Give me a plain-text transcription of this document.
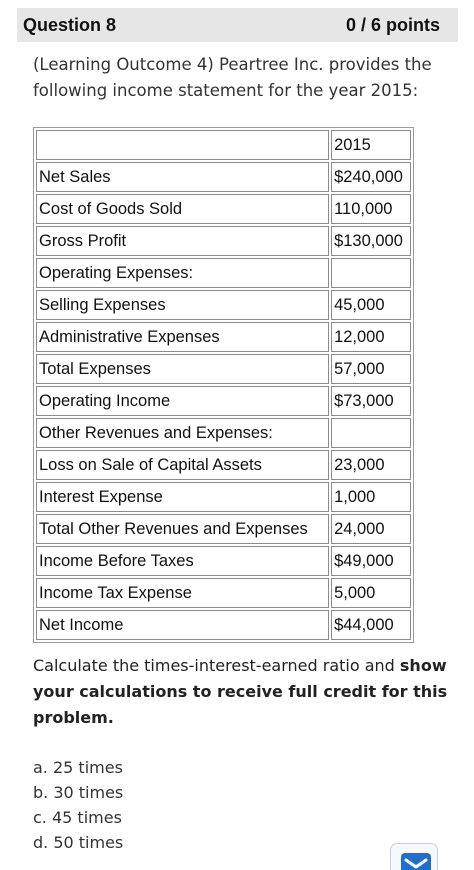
Question 8	0 / 6 points
(Learning Outcome 4) Peartree Inc. provides the following income statement for the year 2015:
	2015
Net Sales	$240,000
Cost of Goods Sold	110,000
Gross Profit	$130,000
Operating Expenses:	
Selling Expenses	45,000
Administrative Expenses	12,000
Total Expenses	57,000
Operating Income	$73,000
Other Revenues and Expenses:	
Loss on Sale of Capital Assets	23,000
Interest Expense	1,000
Total Other Revenues and Expenses	24,000
Income Before Taxes	$49,000
Income Tax Expense	5,000
Net Income	$44,000
Calculate the times-interest-earned ratio and show your calculations to receive full credit for this problem.
a. 25 times
b. 30 times
c. 45 times
d. 50 times
